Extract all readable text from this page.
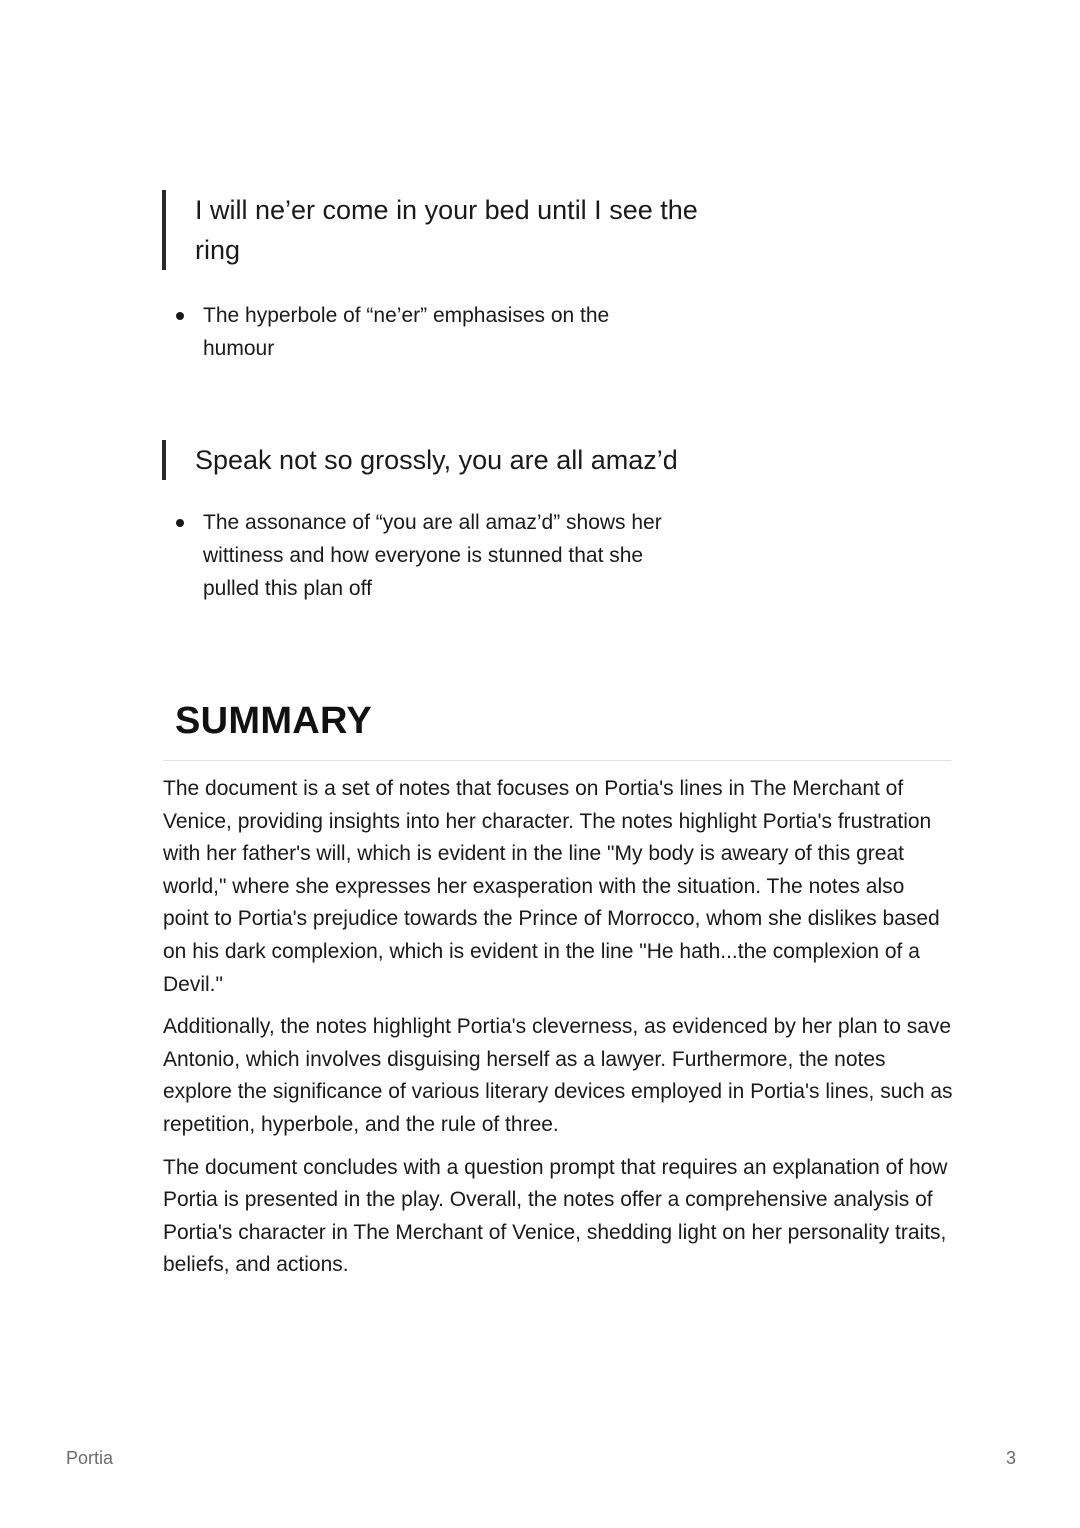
I will ne’er come in your bed until I see the ring
The hyperbole of “ne’er” emphasises on the humour
Speak not so grossly, you are all amaz’d
The assonance of “you are all amaz’d” shows her wittiness and how everyone is stunned that she pulled this plan off
SUMMARY

The document is a set of notes that focuses on Portia's lines in The Merchant of Venice, providing insights into her character. The notes highlight Portia's frustration with her father's will, which is evident in the line "My body is aweary of this great world," where she expresses her exasperation with the situation. The notes also point to Portia's prejudice towards the Prince of Morrocco, whom she dislikes based on his dark complexion, which is evident in the line "He hath...the complexion of a Devil."

Additionally, the notes highlight Portia's cleverness, as evidenced by her plan to save Antonio, which involves disguising herself as a lawyer. Furthermore, the notes explore the significance of various literary devices employed in Portia's lines, such as repetition, hyperbole, and the rule of three.

The document concludes with a question prompt that requires an explanation of how Portia is presented in the play. Overall, the notes offer a comprehensive analysis of Portia's character in The Merchant of Venice, shedding light on her personality traits, beliefs, and actions.

Portia	3
